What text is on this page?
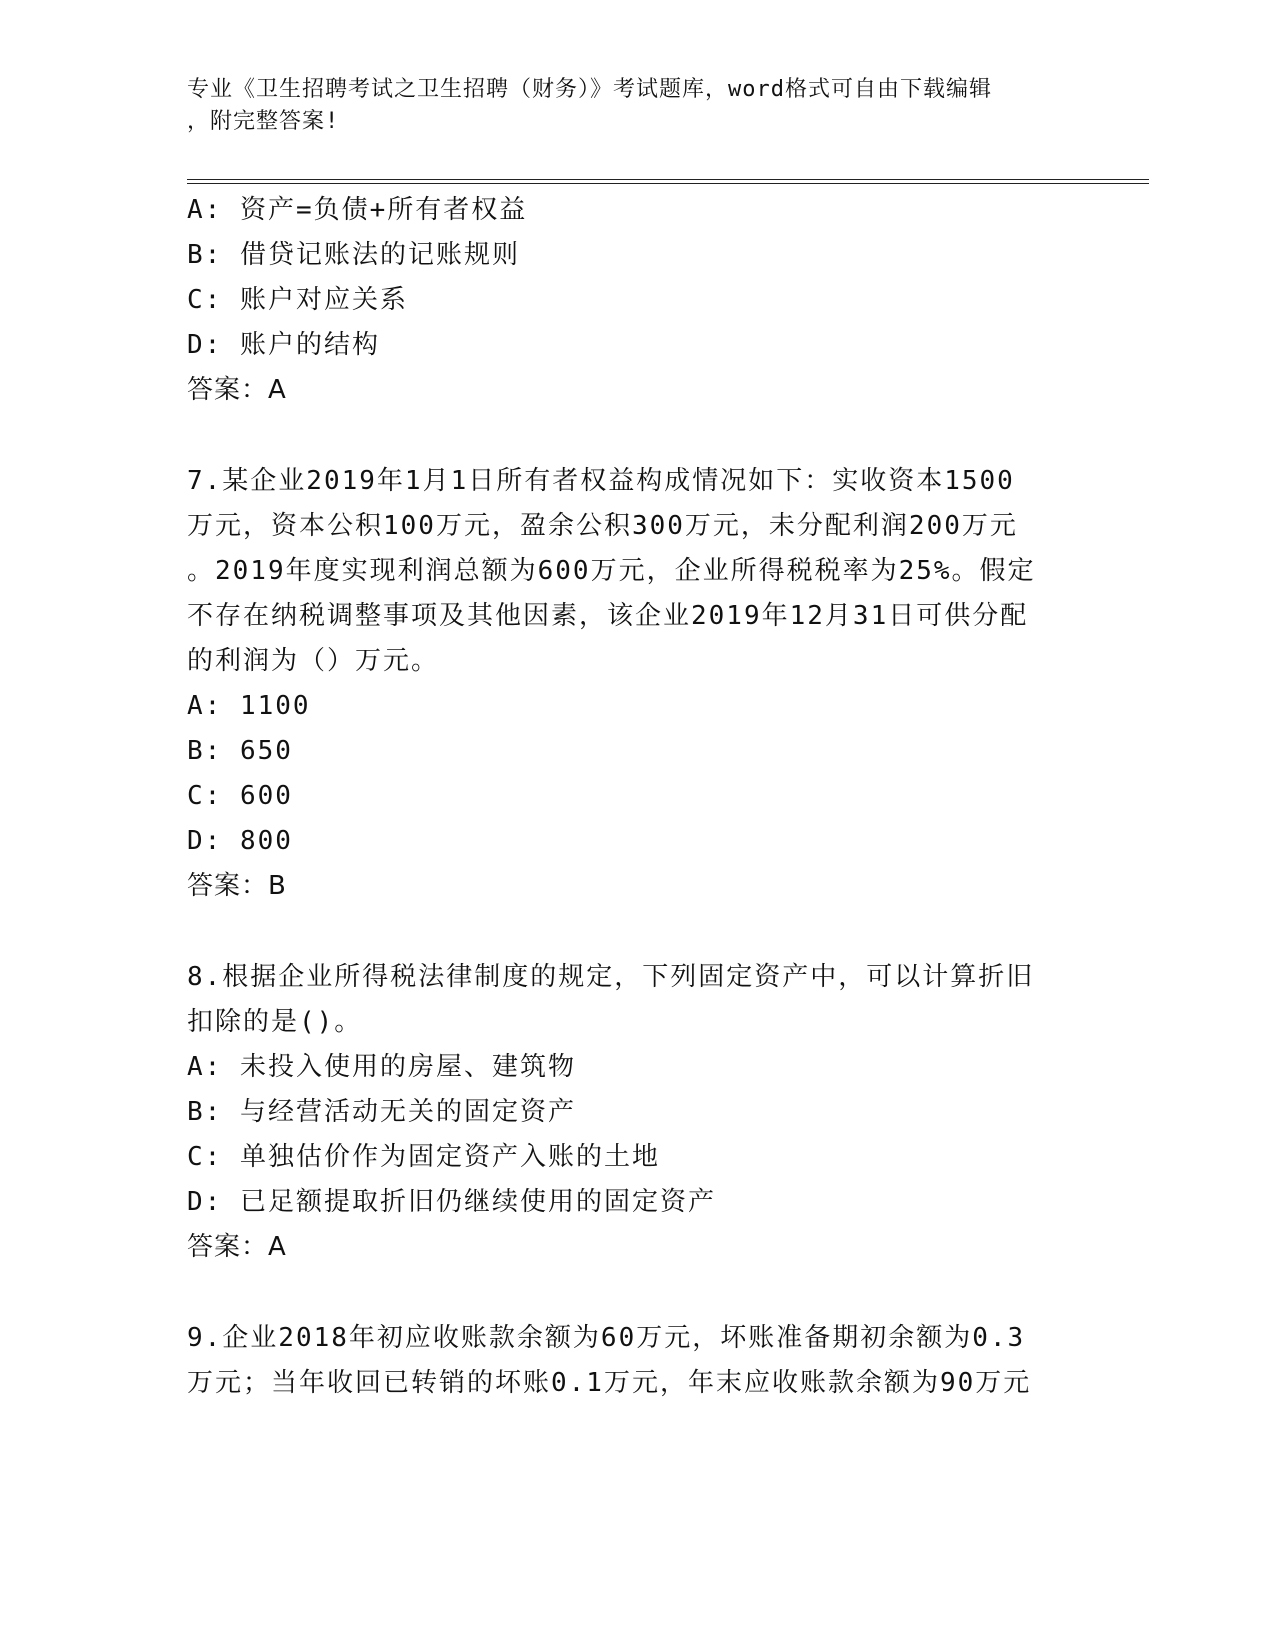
专业《卫生招聘考试之卫生招聘（财务）》考试题库，word格式可自由下载编辑
，附完整答案!
A: 资产=负债+所有者权益
B: 借贷记账法的记账规则
C: 账户对应关系
D: 账户的结构
答案：A
7.某企业2019年1月1日所有者权益构成情况如下：实收资本1500
万元，资本公积100万元，盈余公积300万元，未分配利润200万元
。2019年度实现利润总额为600万元，企业所得税税率为25%。假定
不存在纳税调整事项及其他因素，该企业2019年12月31日可供分配
的利润为（）万元。
A: 1100
B: 650
C: 600
D: 800
答案：B
8.根据企业所得税法律制度的规定，下列固定资产中，可以计算折旧
扣除的是()。
A: 未投入使用的房屋、建筑物
B: 与经营活动无关的固定资产
C: 单独估价作为固定资产入账的土地
D: 已足额提取折旧仍继续使用的固定资产
答案：A
9.企业2018年初应收账款余额为60万元，坏账准备期初余额为0.3
万元；当年收回已转销的坏账0.1万元，年末应收账款余额为90万元
